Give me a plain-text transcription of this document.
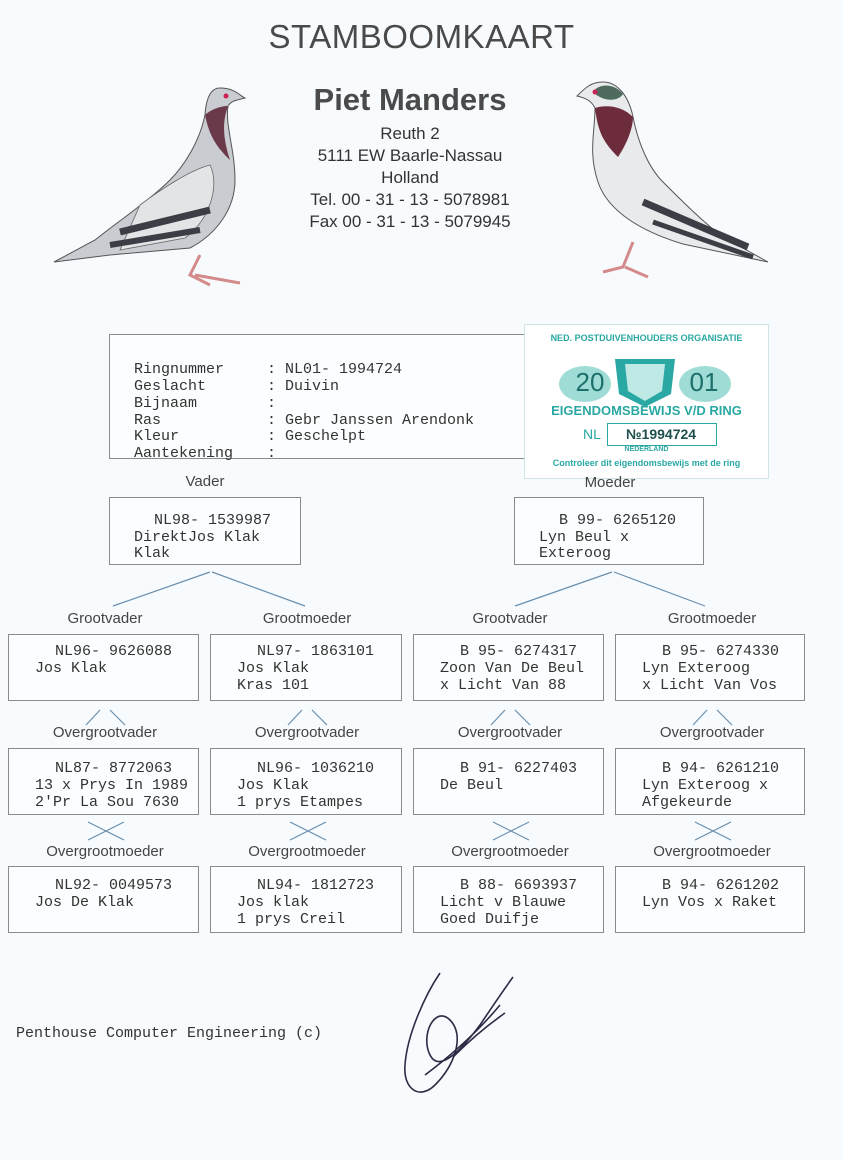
STAMBOOMKAART
Piet Manders
Reuth 2
5111 EW Baarle-Nassau
Holland
Tel. 00 - 31 - 13 - 5078981
Fax 00 - 31 - 13 - 5079945
Ringnummer	: NL01- 1994724
Geslacht	: Duivin
Bijnaam	:
Ras	: Gebr Janssen Arendonk
Kleur	: Geschelpt
Aantekening :
NED. POSTDUIVENHOUDERS ORGANISATIE
20	01
EIGENDOMSBEWIJS V/D RING
NL	№1994724
NEDERLAND
Controleer dit eigendomsbewijs met de ring
Vader	Moeder
NL98- 1539987
DirektJos Klak
Klak
B 99- 6265120
Lyn Beul x
Exteroog
Grootvader	Grootmoeder	Grootvader	Grootmoeder
NL96- 9626088
Jos Klak
NL97- 1863101
Jos Klak
Kras 101
B 95- 6274317
Zoon Van De Beul
x Licht Van 88
B 95- 6274330
Lyn Exteroog
x Licht Van Vos
Overgrootvader	Overgrootvader	Overgrootvader	Overgrootvader
NL87- 8772063
13 x Prys In 1989
2'Pr La Sou 7630
NL96- 1036210
Jos Klak
1 prys Etampes
B 91- 6227403
De Beul
B 94- 6261210
Lyn Exteroog x
Afgekeurde
Overgrootmoeder	Overgrootmoeder	Overgrootmoeder	Overgrootmoeder
NL92- 0049573
Jos De Klak
NL94- 1812723
Jos klak
1 prys Creil
B 88- 6693937
Licht v Blauwe
Goed Duifje
B 94- 6261202
Lyn Vos x Raket
Penthouse Computer Engineering (c)
